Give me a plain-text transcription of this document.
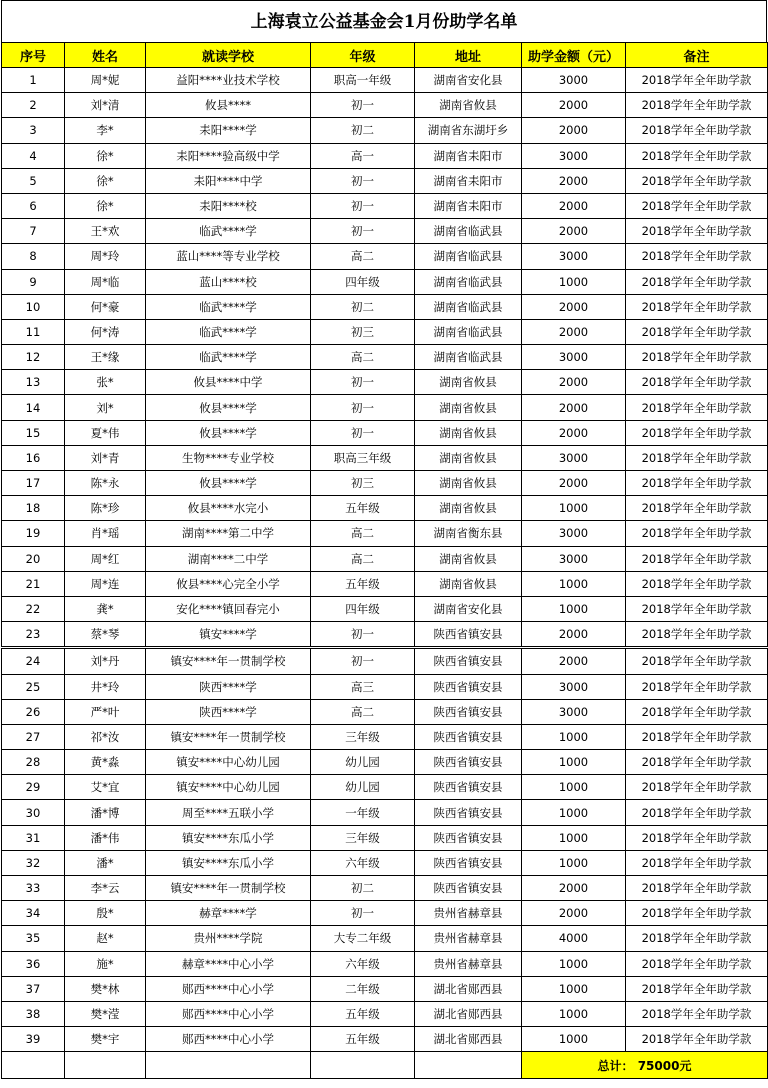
上海袁立公益基金会1月份助学名单
序号	姓名	就读学校	年级	地址	助学金额（元）	备注
1	周*妮	益阳****业技术学校	职高一年级	湖南省安化县	3000	2018学年全年助学款
2	刘*清	攸县****	初一	湖南省攸县	2000	2018学年全年助学款
3	李*	耒阳****学	初二	湖南省东湖圩乡	2000	2018学年全年助学款
4	徐*	耒阳****验高级中学	高一	湖南省耒阳市	3000	2018学年全年助学款
5	徐*	耒阳****中学	初一	湖南省耒阳市	2000	2018学年全年助学款
6	徐*	耒阳****校	初一	湖南省耒阳市	2000	2018学年全年助学款
7	王*欢	临武****学	初一	湖南省临武县	2000	2018学年全年助学款
8	周*玲	蓝山****等专业学校	高二	湖南省临武县	3000	2018学年全年助学款
9	周*临	蓝山****校	四年级	湖南省临武县	1000	2018学年全年助学款
10	何*豪	临武****学	初二	湖南省临武县	2000	2018学年全年助学款
11	何*涛	临武****学	初三	湖南省临武县	2000	2018学年全年助学款
12	王*缘	临武****学	高二	湖南省临武县	3000	2018学年全年助学款
13	张*	攸县****中学	初一	湖南省攸县	2000	2018学年全年助学款
14	刘*	攸县****学	初一	湖南省攸县	2000	2018学年全年助学款
15	夏*伟	攸县****学	初一	湖南省攸县	2000	2018学年全年助学款
16	刘*青	生物****专业学校	职高三年级	湖南省攸县	3000	2018学年全年助学款
17	陈*永	攸县****学	初三	湖南省攸县	2000	2018学年全年助学款
18	陈*珍	攸县****水完小	五年级	湖南省攸县	1000	2018学年全年助学款
19	肖*瑶	湖南****第二中学	高二	湖南省衡东县	3000	2018学年全年助学款
20	周*红	湖南****二中学	高二	湖南省攸县	3000	2018学年全年助学款
21	周*连	攸县****心完全小学	五年级	湖南省攸县	1000	2018学年全年助学款
22	龚*	安化****镇回春完小	四年级	湖南省安化县	1000	2018学年全年助学款
23	蔡*琴	镇安****学	初一	陕西省镇安县	2000	2018学年全年助学款
24	刘*丹	镇安****年一贯制学校	初一	陕西省镇安县	2000	2018学年全年助学款
25	井*玲	陕西****学	高三	陕西省镇安县	3000	2018学年全年助学款
26	严*叶	陕西****学	高二	陕西省镇安县	3000	2018学年全年助学款
27	祁*汝	镇安****年一贯制学校	三年级	陕西省镇安县	1000	2018学年全年助学款
28	黄*淼	镇安****中心幼儿园	幼儿园	陕西省镇安县	1000	2018学年全年助学款
29	艾*宜	镇安****中心幼儿园	幼儿园	陕西省镇安县	1000	2018学年全年助学款
30	潘*博	周至****五联小学	一年级	陕西省镇安县	1000	2018学年全年助学款
31	潘*伟	镇安****东瓜小学	三年级	陕西省镇安县	1000	2018学年全年助学款
32	潘*	镇安****东瓜小学	六年级	陕西省镇安县	1000	2018学年全年助学款
33	李*云	镇安****年一贯制学校	初二	陕西省镇安县	2000	2018学年全年助学款
34	殷*	赫章****学	初一	贵州省赫章县	2000	2018学年全年助学款
35	赵*	贵州****学院	大专二年级	贵州省赫章县	4000	2018学年全年助学款
36	施*	赫章****中心小学	六年级	贵州省赫章县	1000	2018学年全年助学款
37	樊*林	郧西****中心小学	二年级	湖北省郧西县	1000	2018学年全年助学款
38	樊*滢	郧西****中心小学	五年级	湖北省郧西县	1000	2018学年全年助学款
39	樊*宇	郧西****中心小学	五年级	湖北省郧西县	1000	2018学年全年助学款
					总计： 75000元	
